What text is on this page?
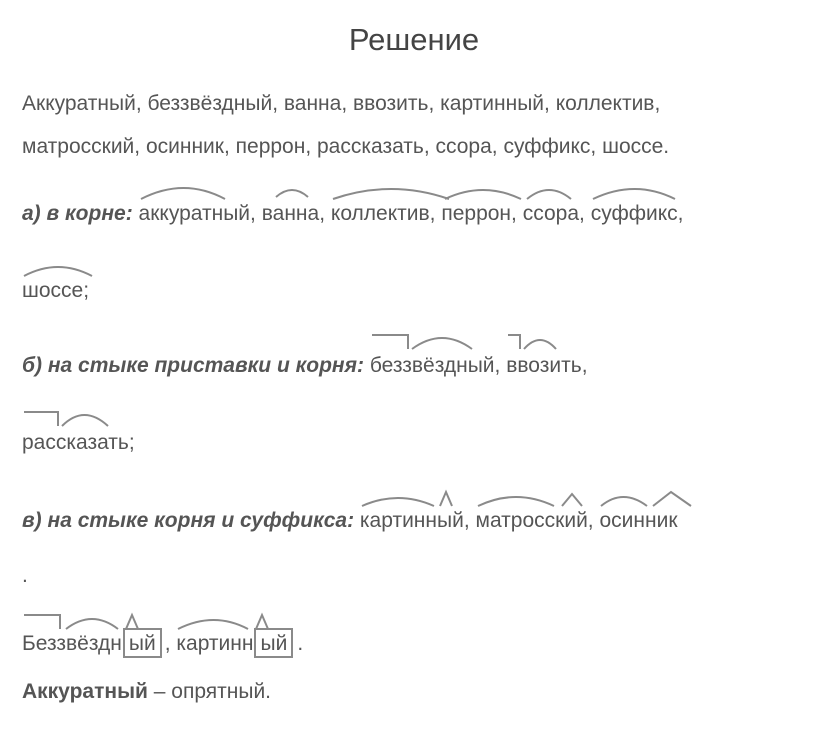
Решение
Аккуратный, беззвёздный, ванна, ввозить, картинный, коллектив,
матросский, осинник, перрон, рассказать, ссора, суффикс, шоссе.
а) в корне: аккуратный, ванна, коллектив, перрон, ссора, суффикс,
шоссе;
б) на стыке приставки и корня: беззвёздный, ввозить,
рассказать;
в) на стыке корня и суффикса: картинный, матросский, осинник
.
Беззвёздн ый , картинн ый .
Аккуратный – опрятный.
